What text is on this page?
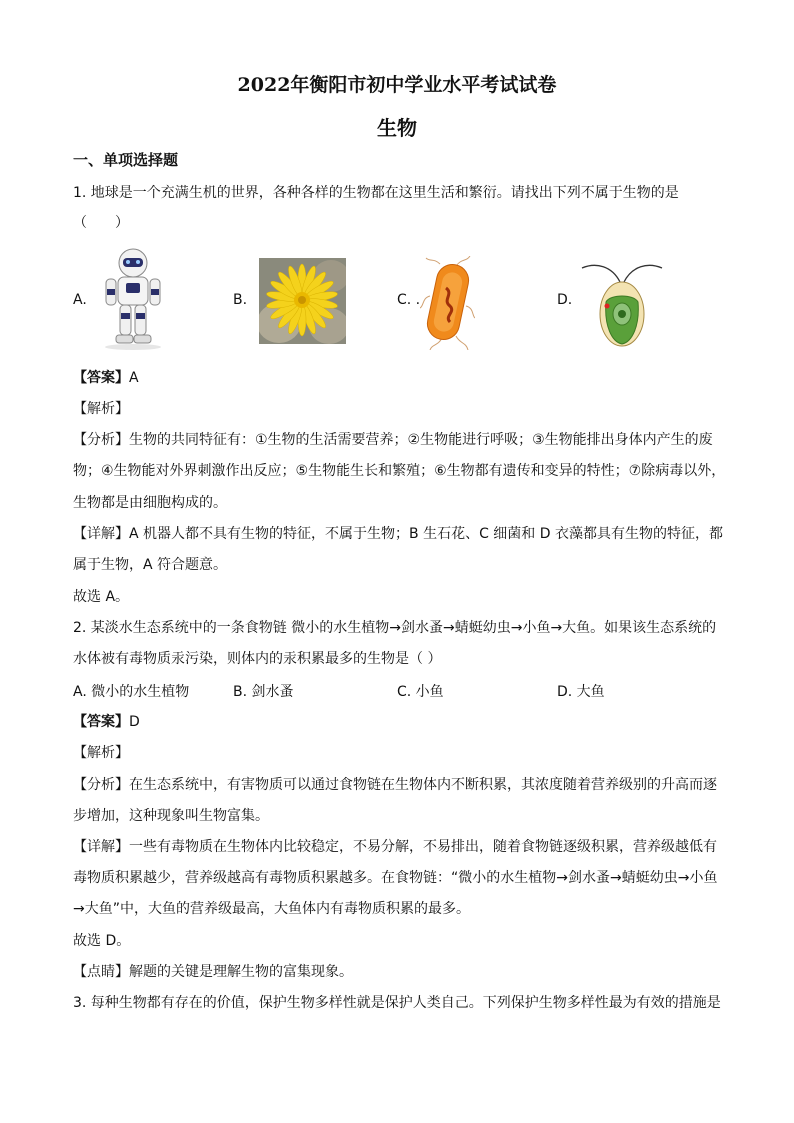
2022年衡阳市初中学业水平考试试卷
生物
一、单项选择题
1. 地球是一个充满生机的世界，各种各样的生物都在这里生活和繁衍。请找出下列不属于生物的是
（　　）
A.	B.	C. .	D.
【答案】A
【解析】
【分析】生物的共同特征有：①生物的生活需要营养；②生物能进行呼吸；③生物能排出身体内产生的废
物；④生物能对外界刺激作出反应；⑤生物能生长和繁殖；⑥生物都有遗传和变异的特性；⑦除病毒以外，
生物都是由细胞构成的。
【详解】A 机器人都不具有生物的特征，不属于生物；B 生石花、C 细菌和 D 衣藻都具有生物的特征，都
属于生物，A 符合题意。
故选 A。
2. 某淡水生态系统中的一条食物链 微小的水生植物→剑水蚤→蜻蜓幼虫→小鱼→大鱼。如果该生态系统的
水体被有毒物质汞污染，则体内的汞积累最多的生物是（ ）
A. 微小的水生植物	B. 剑水蚤	C. 小鱼	D. 大鱼
【答案】D
【解析】
【分析】在生态系统中，有害物质可以通过食物链在生物体内不断积累，其浓度随着营养级别的升高而逐
步增加，这种现象叫生物富集。
【详解】一些有毒物质在生物体内比较稳定，不易分解，不易排出，随着食物链逐级积累，营养级越低有
毒物质积累越少，营养级越高有毒物质积累越多。在食物链：“微小的水生植物→剑水蚤→蜻蜓幼虫→小鱼
→大鱼”中，大鱼的营养级最高，大鱼体内有毒物质积累的最多。
故选 D。
【点睛】解题的关键是理解生物的富集现象。
3. 每种生物都有存在的价值，保护生物多样性就是保护人类自己。下列保护生物多样性最为有效的措施是
